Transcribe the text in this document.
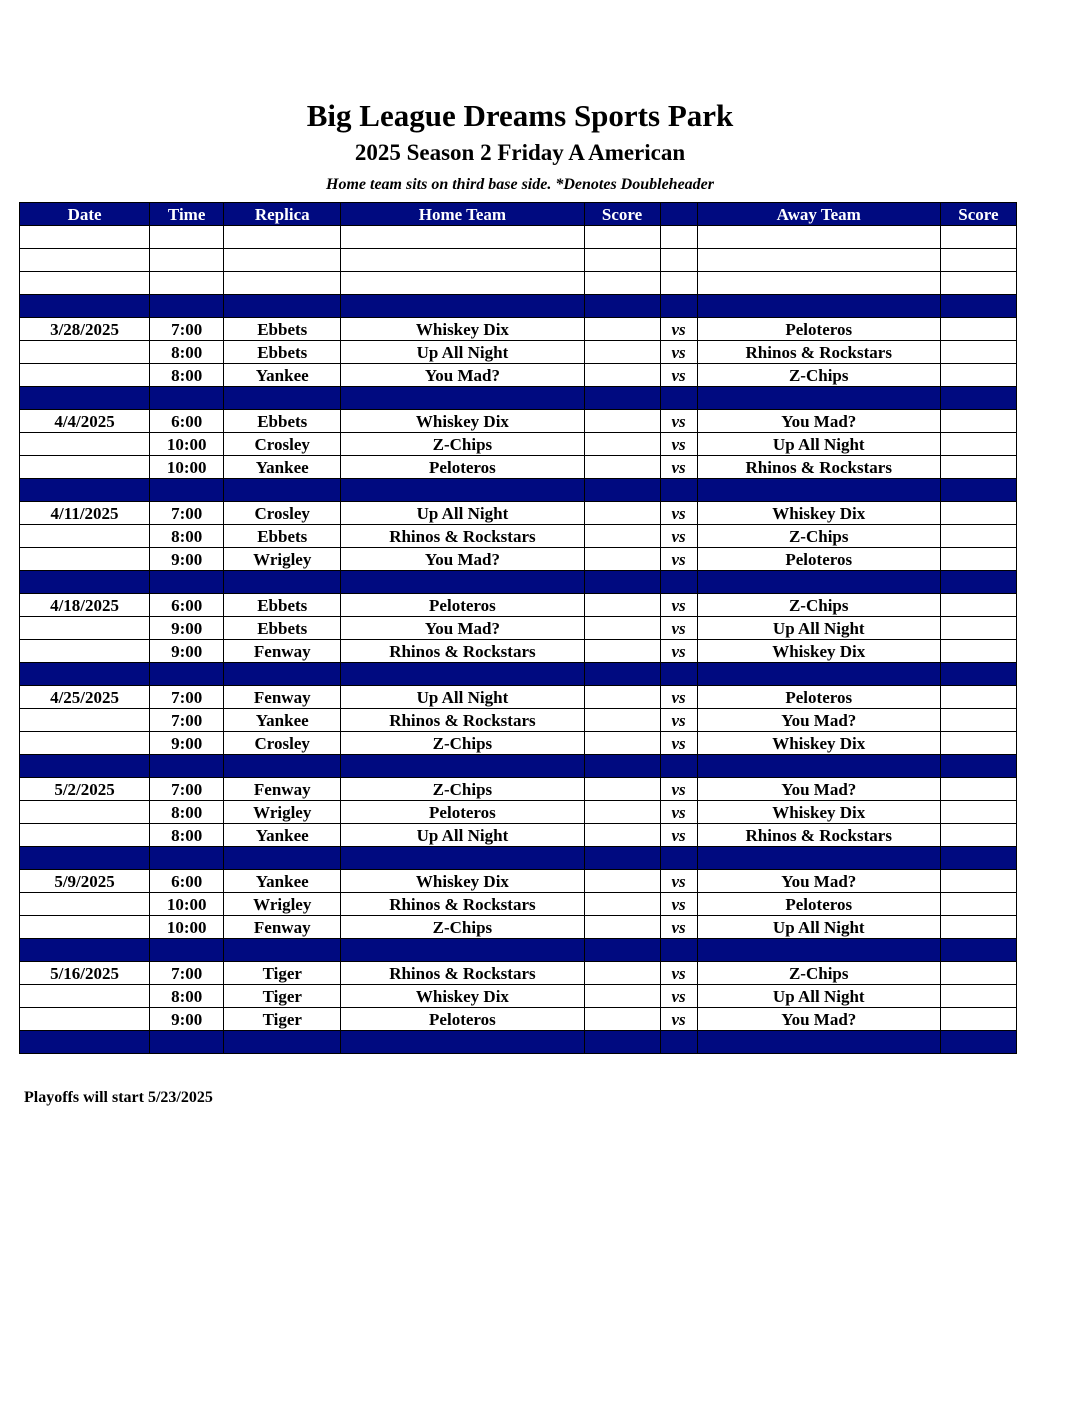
Big League Dreams Sports Park
2025 Season 2 Friday A American
Home team sits on third base side. *Denotes Doubleheader
Date	Time	Replica	Home Team	Score		Away Team	Score

3/28/2025	7:00	Ebbets	Whiskey Dix		vs	Peloteros	
	8:00	Ebbets	Up All Night		vs	Rhinos & Rockstars	
	8:00	Yankee	You Mad?		vs	Z-Chips	

4/4/2025	6:00	Ebbets	Whiskey Dix		vs	You Mad?	
	10:00	Crosley	Z-Chips		vs	Up All Night	
	10:00	Yankee	Peloteros		vs	Rhinos & Rockstars	

4/11/2025	7:00	Crosley	Up All Night		vs	Whiskey Dix	
	8:00	Ebbets	Rhinos & Rockstars		vs	Z-Chips	
	9:00	Wrigley	You Mad?		vs	Peloteros	

4/18/2025	6:00	Ebbets	Peloteros		vs	Z-Chips	
	9:00	Ebbets	You Mad?		vs	Up All Night	
	9:00	Fenway	Rhinos & Rockstars		vs	Whiskey Dix	

4/25/2025	7:00	Fenway	Up All Night		vs	Peloteros	
	7:00	Yankee	Rhinos & Rockstars		vs	You Mad?	
	9:00	Crosley	Z-Chips		vs	Whiskey Dix	

5/2/2025	7:00	Fenway	Z-Chips		vs	You Mad?	
	8:00	Wrigley	Peloteros		vs	Whiskey Dix	
	8:00	Yankee	Up All Night		vs	Rhinos & Rockstars	

5/9/2025	6:00	Yankee	Whiskey Dix		vs	You Mad?	
	10:00	Wrigley	Rhinos & Rockstars		vs	Peloteros	
	10:00	Fenway	Z-Chips		vs	Up All Night	

5/16/2025	7:00	Tiger	Rhinos & Rockstars		vs	Z-Chips	
	8:00	Tiger	Whiskey Dix		vs	Up All Night	
	9:00	Tiger	Peloteros		vs	You Mad?	

Playoffs will start 5/23/2025
